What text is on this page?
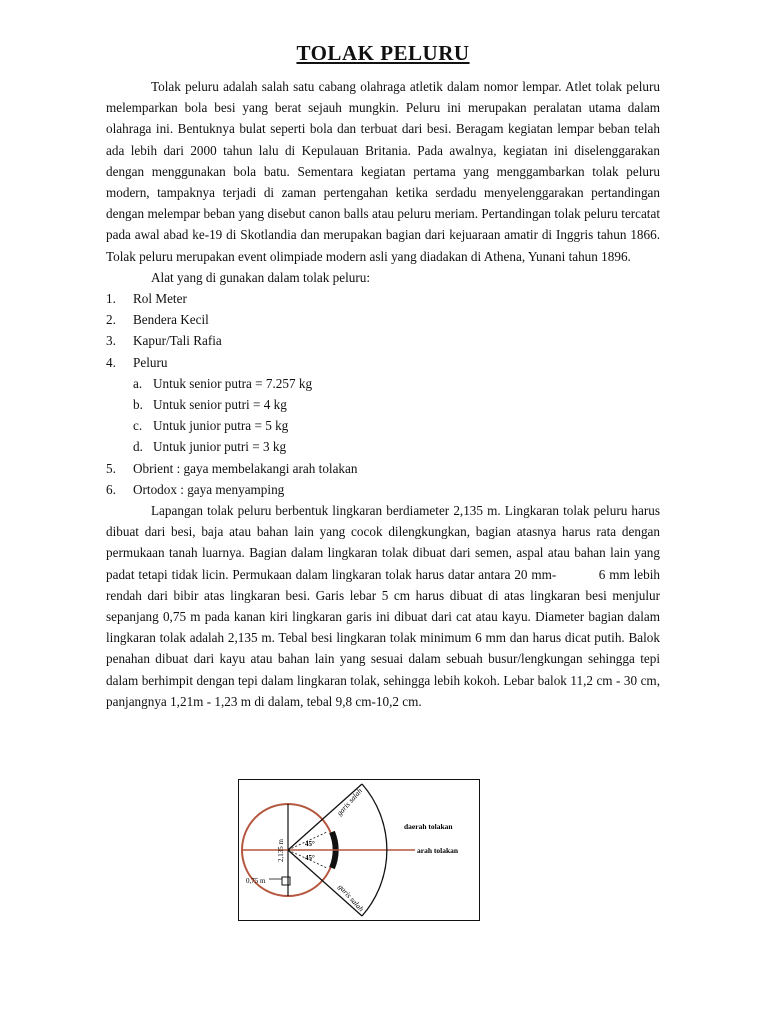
TOLAK PELURU

Tolak peluru adalah salah satu cabang olahraga atletik dalam nomor lempar. Atlet tolak peluru melemparkan bola besi yang berat sejauh mungkin. Peluru ini merupakan peralatan utama dalam olahraga ini. Bentuknya bulat seperti bola dan terbuat dari besi. Beragam kegiatan lempar beban telah ada lebih dari 2000 tahun lalu di Kepulauan Britania. Pada awalnya, kegiatan ini diselenggarakan dengan menggunakan bola batu. Sementara kegiatan pertama yang menggambarkan tolak peluru modern, tampaknya terjadi di zaman pertengahan ketika serdadu menyelenggarakan pertandingan dengan melempar beban yang disebut canon balls atau peluru meriam. Pertandingan tolak peluru tercatat pada awal abad ke-19 di Skotlandia dan merupakan bagian dari kejuaraan amatir di Inggris tahun 1866. Tolak peluru merupakan event olimpiade modern asli yang diadakan di Athena, Yunani tahun 1896.

Alat yang di gunakan dalam tolak peluru:

1. Rol Meter
2. Bendera Kecil
3. Kapur/Tali Rafia
4. Peluru
a. Untuk senior putra = 7.257 kg
b. Untuk senior putri = 4 kg
c. Untuk junior putra = 5 kg
d. Untuk junior putri = 3 kg
5. Obrient : gaya membelakangi arah tolakan
6. Ortodox : gaya menyamping

Lapangan tolak peluru berbentuk lingkaran berdiameter 2,135 m. Lingkaran tolak peluru harus dibuat dari besi, baja atau bahan lain yang cocok dilengkungkan, bagian atasnya harus rata dengan permukaan tanah luarnya. Bagian dalam lingkaran tolak dibuat dari semen, aspal atau bahan lain yang padat tetapi tidak licin. Permukaan dalam lingkaran tolak harus datar antara 20 mm-           6 mm lebih rendah dari bibir atas lingkaran besi. Garis lebar 5 cm harus dibuat di atas lingkaran besi menjulur sepanjang 0,75 m pada kanan kiri lingkaran garis ini dibuat dari cat atau kayu. Diameter bagian dalam lingkaran tolak adalah 2,135 m. Tebal besi lingkaran tolak minimum 6 mm dan harus dicat putih. Balok penahan dibuat dari kayu atau bahan lain yang sesuai dalam sebuah busur/lengkungan sehingga tepi dalam berhimpit dengan tepi dalam lingkaran tolak, sehingga lebih kokoh. Lebar balok 11,2 cm - 30 cm, panjangnya 1,21m - 1,23 m di dalam, tebal 9,8 cm-10,2 cm.

garis salah
garis salah
daerah tolakan
arah tolakan
2,135 m	45°
45°
0,75 m
